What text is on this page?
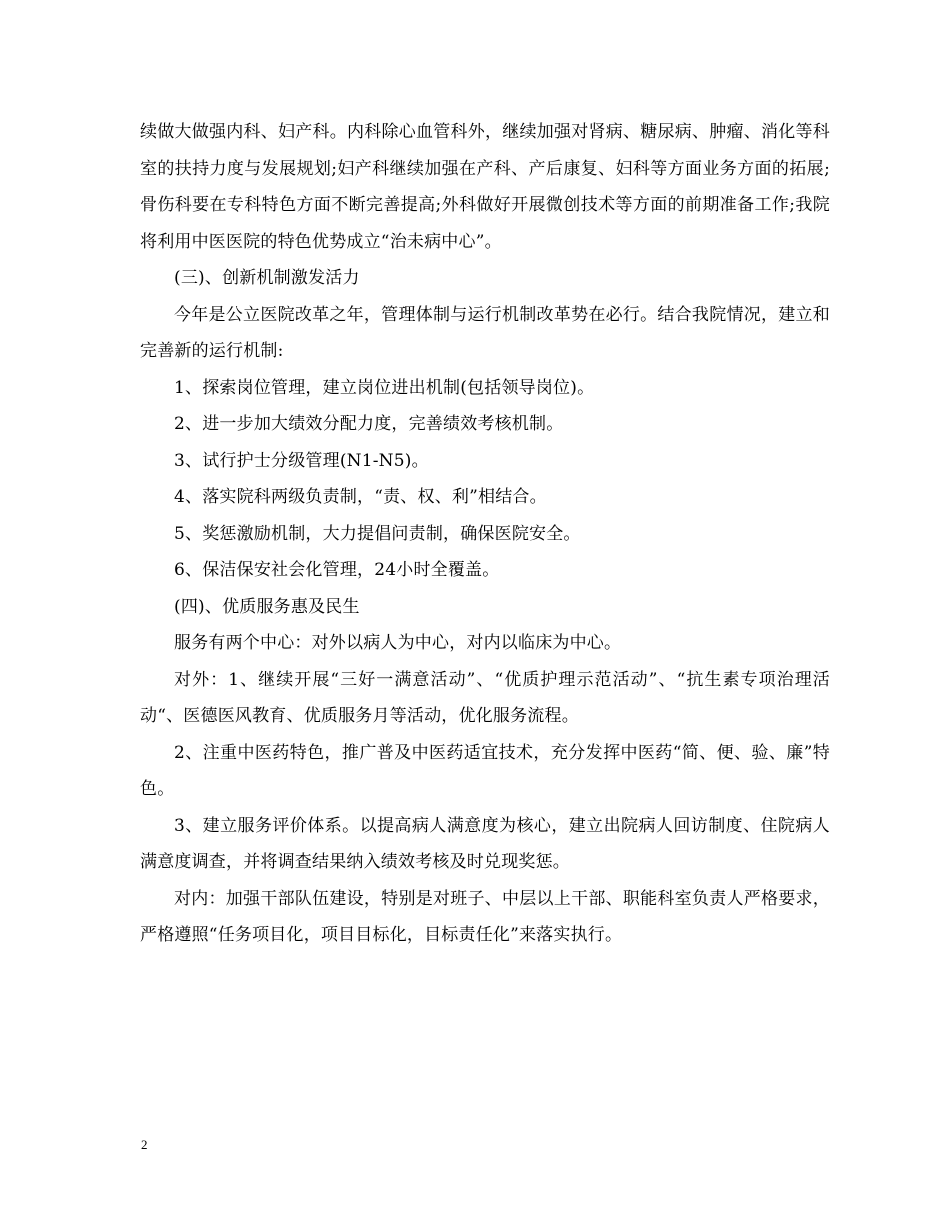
续做大做强内科、妇产科。内科除心血管科外，继续加强对肾病、糖尿病、肿瘤、消化等科室的扶持力度与发展规划;妇产科继续加强在产科、产后康复、妇科等方面业务方面的拓展;骨伤科要在专科特色方面不断完善提高;外科做好开展微创技术等方面的前期准备工作;我院将利用中医医院的特色优势成立“治未病中心”。

(三)、创新机制激发活力

今年是公立医院改革之年，管理体制与运行机制改革势在必行。结合我院情况，建立和完善新的运行机制:

1、探索岗位管理，建立岗位进出机制(包括领导岗位)。

2、进一步加大绩效分配力度，完善绩效考核机制。

3、试行护士分级管理(N1-N5)。

4、落实院科两级负责制，“责、权、利”相结合。

5、奖惩激励机制，大力提倡问责制，确保医院安全。

6、保洁保安社会化管理，24小时全覆盖。

(四)、优质服务惠及民生

服务有两个中心：对外以病人为中心，对内以临床为中心。

对外：1、继续开展“三好一满意活动”、“优质护理示范活动”、“抗生素专项治理活动“、医德医风教育、优质服务月等活动，优化服务流程。

2、注重中医药特色，推广普及中医药适宜技术，充分发挥中医药“简、便、验、廉”特色。

3、建立服务评价体系。以提高病人满意度为核心，建立出院病人回访制度、住院病人满意度调查，并将调查结果纳入绩效考核及时兑现奖惩。

对内：加强干部队伍建设，特别是对班子、中层以上干部、职能科室负责人严格要求，严格遵照“任务项目化，项目目标化，目标责任化”来落实执行。

2
